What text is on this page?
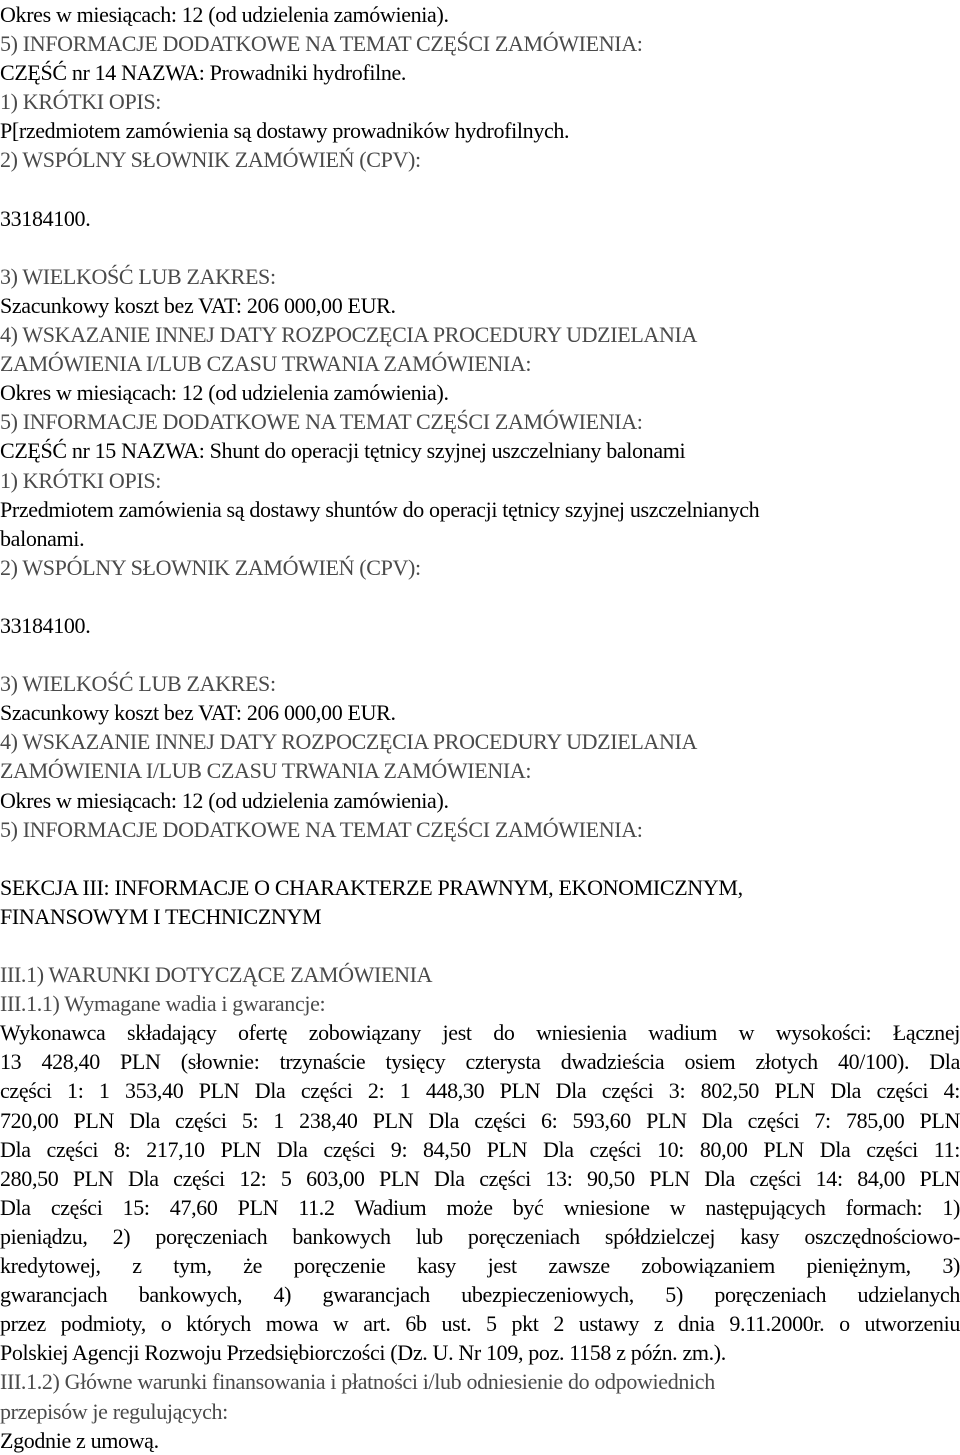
Okres w miesiącach: 12 (od udzielenia zamówienia).
5) INFORMACJE DODATKOWE NA TEMAT CZĘŚCI ZAMÓWIENIA:
CZĘŚĆ nr 14 NAZWA: Prowadniki hydrofilne.
1) KRÓTKI OPIS:
P[rzedmiotem zamówienia są dostawy prowadników hydrofilnych.
2) WSPÓLNY SŁOWNIK ZAMÓWIEŃ (CPV):
33184100.
3) WIELKOŚĆ LUB ZAKRES:
Szacunkowy koszt bez VAT: 206 000,00 EUR.
4) WSKAZANIE INNEJ DATY ROZPOCZĘCIA PROCEDURY UDZIELANIA
ZAMÓWIENIA I/LUB CZASU TRWANIA ZAMÓWIENIA:
Okres w miesiącach: 12 (od udzielenia zamówienia).
5) INFORMACJE DODATKOWE NA TEMAT CZĘŚCI ZAMÓWIENIA:
CZĘŚĆ nr 15 NAZWA: Shunt do operacji tętnicy szyjnej uszczelniany balonami
1) KRÓTKI OPIS:
Przedmiotem zamówienia są dostawy shuntów do operacji tętnicy szyjnej uszczelnianych
balonami.
2) WSPÓLNY SŁOWNIK ZAMÓWIEŃ (CPV):
33184100.
3) WIELKOŚĆ LUB ZAKRES:
Szacunkowy koszt bez VAT: 206 000,00 EUR.
4) WSKAZANIE INNEJ DATY ROZPOCZĘCIA PROCEDURY UDZIELANIA
ZAMÓWIENIA I/LUB CZASU TRWANIA ZAMÓWIENIA:
Okres w miesiącach: 12 (od udzielenia zamówienia).
5) INFORMACJE DODATKOWE NA TEMAT CZĘŚCI ZAMÓWIENIA:
SEKCJA III: INFORMACJE O CHARAKTERZE PRAWNYM, EKONOMICZNYM,
FINANSOWYM I TECHNICZNYM
III.1) WARUNKI DOTYCZĄCE ZAMÓWIENIA
III.1.1) Wymagane wadia i gwarancje:
Wykonawca składający ofertę zobowiązany jest do wniesienia wadium w wysokości: Łącznej
13 428,40 PLN (słownie: trzynaście tysięcy czterysta dwadzieścia osiem złotych 40/100). Dla
części 1: 1 353,40 PLN Dla części 2: 1 448,30 PLN Dla części 3: 802,50 PLN Dla części 4:
720,00 PLN Dla części 5: 1 238,40 PLN Dla części 6: 593,60 PLN Dla części 7: 785,00 PLN
Dla części 8: 217,10 PLN Dla części 9: 84,50 PLN Dla części 10: 80,00 PLN Dla części 11:
280,50 PLN Dla części 12: 5 603,00 PLN Dla części 13: 90,50 PLN Dla części 14: 84,00 PLN
Dla części 15: 47,60 PLN 11.2 Wadium może być wniesione w następujących formach: 1)
pieniądzu, 2) poręczeniach bankowych lub poręczeniach spółdzielczej kasy oszczędnościowo-
kredytowej, z tym, że poręczenie kasy jest zawsze zobowiązaniem pieniężnym, 3)
gwarancjach bankowych, 4) gwarancjach ubezpieczeniowych, 5) poręczeniach udzielanych
przez podmioty, o których mowa w art. 6b ust. 5 pkt 2 ustawy z dnia 9.11.2000r. o utworzeniu
Polskiej Agencji Rozwoju Przedsiębiorczości (Dz. U. Nr 109, poz. 1158 z późn. zm.).
III.1.2) Główne warunki finansowania i płatności i/lub odniesienie do odpowiednich
przepisów je regulujących:
Zgodnie z umową.
